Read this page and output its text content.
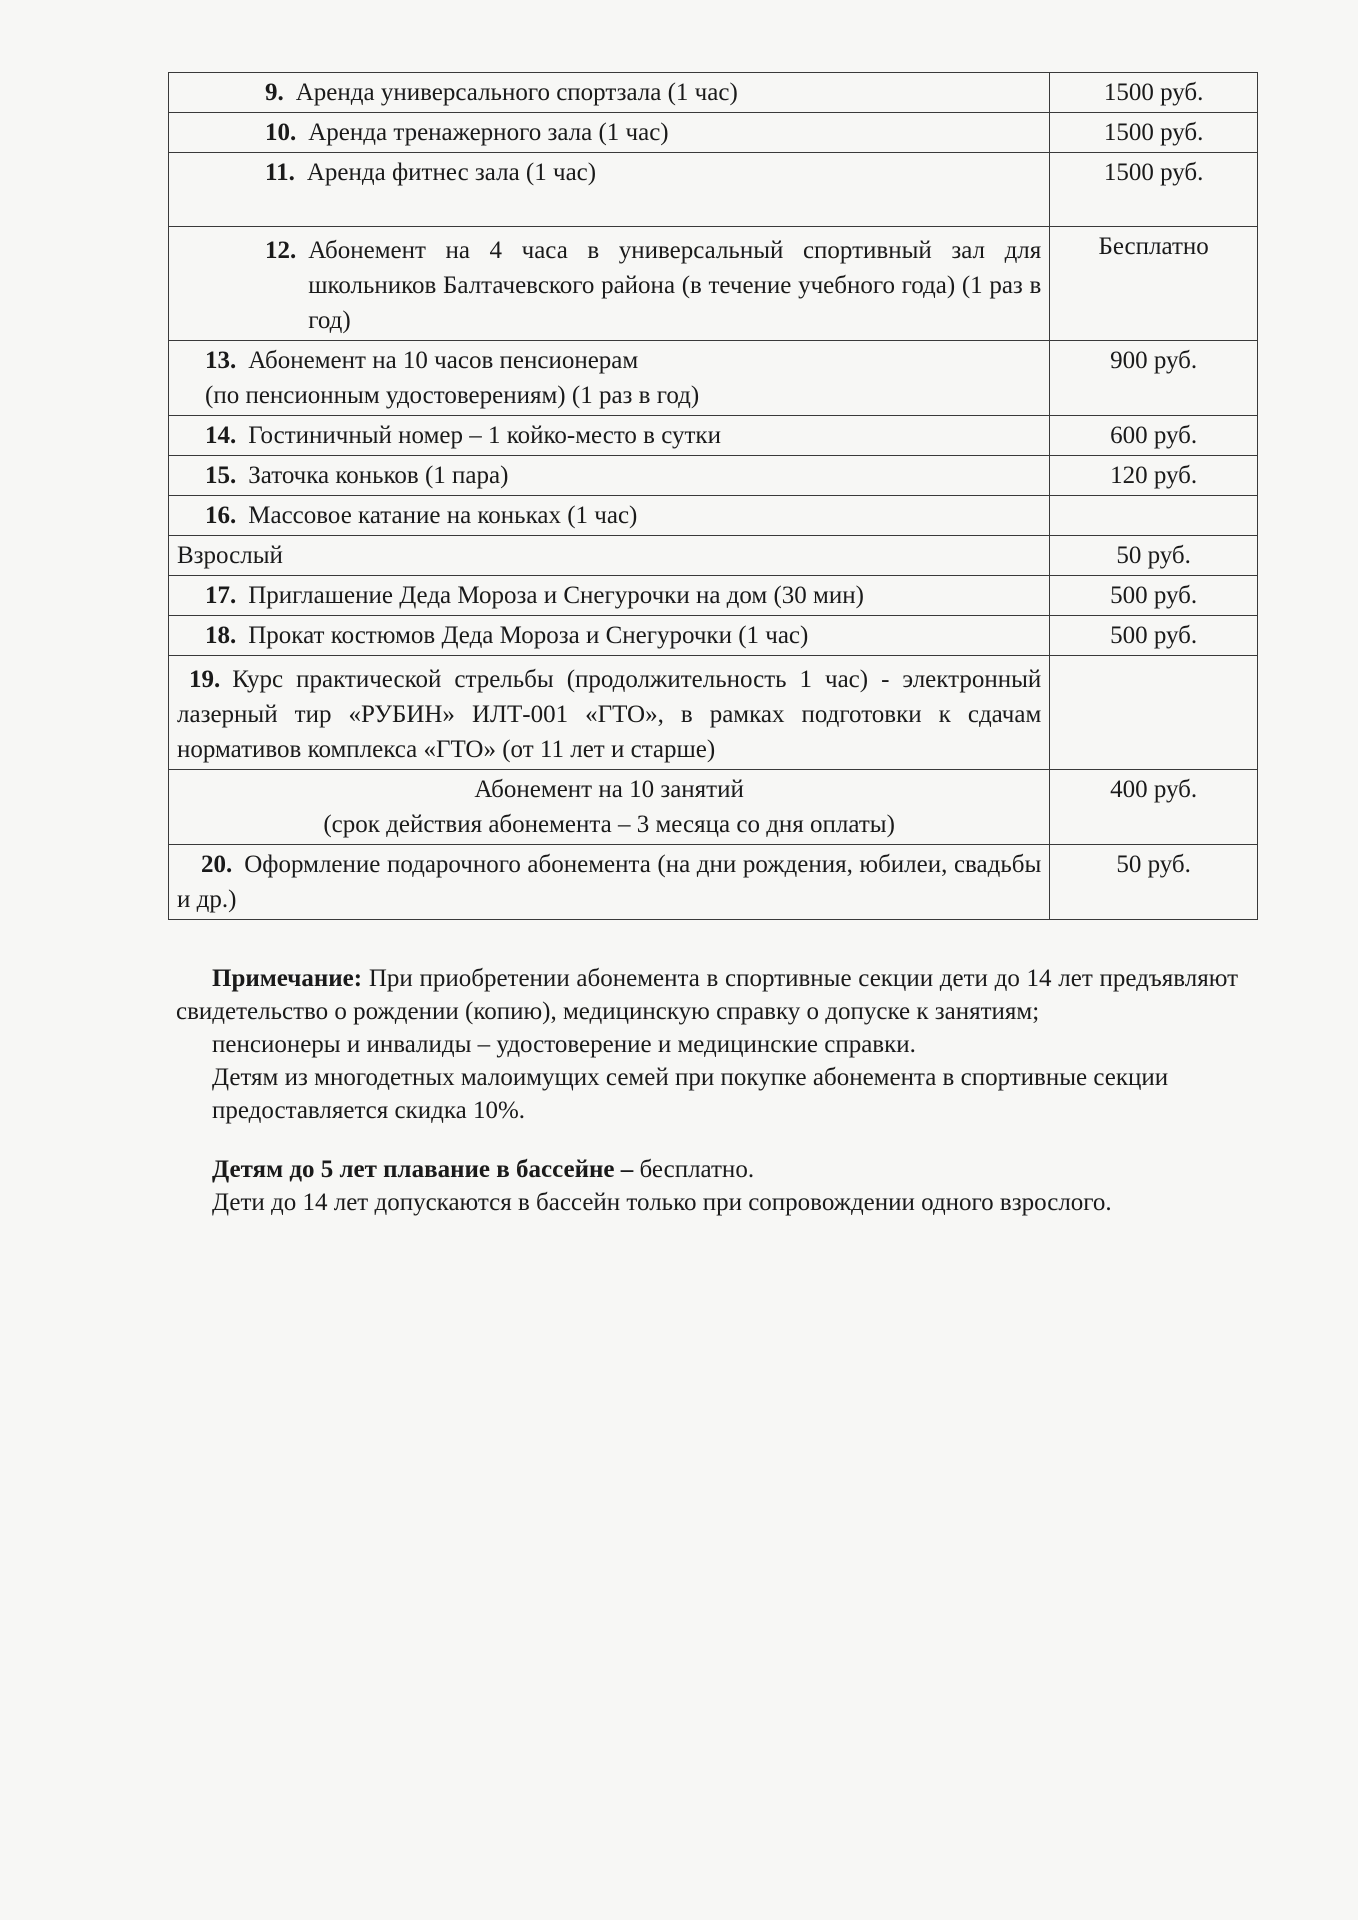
9. Аренда универсального спортзала (1 час)	1500 руб.
10. Аренда тренажерного зала (1 час)	1500 руб.
11. Аренда фитнес зала (1 час)	1500 руб.

12. Абонемент на 4 часа в универсальный спортивный зал для школьников Балтачевского района (в течение учебного года) (1 раз в год)	Бесплатно

13. Абонемент на 10 часов пенсионерам
(по пенсионным удостоверениям) (1 раз в год)	900 руб.
14. Гостиничный номер – 1 койко-место в сутки	600 руб.
15. Заточка коньков (1 пара)	120 руб.
16. Массовое катание на коньках (1 час)	
Взрослый	50 руб.
17. Приглашение Деда Мороза и Снегурочки на дом (30 мин)	500 руб.
18. Прокат костюмов Деда Мороза и Снегурочки (1 час)	500 руб.
19. Курс практической стрельбы (продолжительность 1 час) - электронный лазерный тир «РУБИН» ИЛТ-001 «ГТО», в рамках подготовки к сдачам нормативов комплекса «ГТО» (от 11 лет и старше)	

Абонемент на 10 занятий
(срок действия абонемента – 3 месяца со дня оплаты)	400 руб.
20. Оформление подарочного абонемента (на дни рождения, юбилеи, свадьбы и др.)	50 руб.

Примечание: При приобретении абонемента в спортивные секции дети до 14 лет предъявляют свидетельство о рождении (копию), медицинскую справку о допуске к занятиям;

пенсионеры и инвалиды – удостоверение и медицинские справки.

Детям из многодетных малоимущих семей при покупке абонемента в спортивные секции предоставляется скидка 10%.

Детям до 5 лет плавание в бассейне – бесплатно.

Дети до 14 лет допускаются в бассейн только при сопровождении одного взрослого.
